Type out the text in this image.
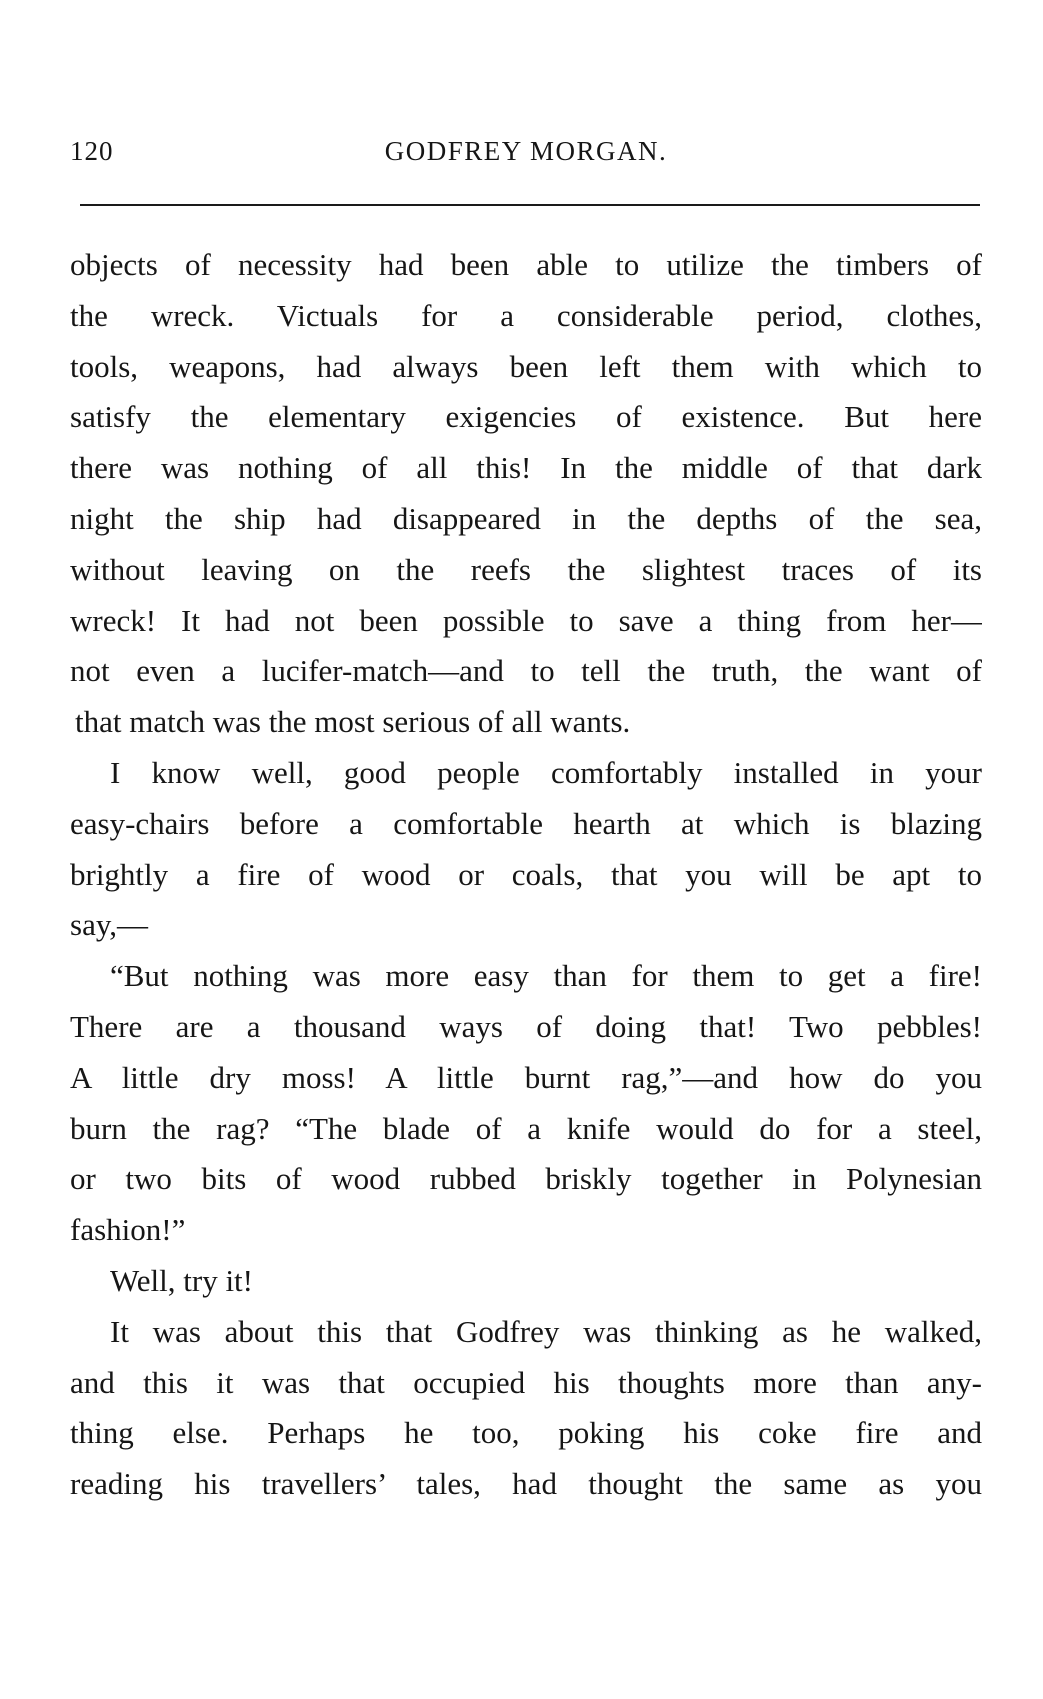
120	GODFREY MORGAN.
objects of necessity had been able to utilize the timbers of
the wreck. Victuals for a considerable period, clothes,
tools, weapons, had always been left them with which to
satisfy the elementary exigencies of existence. But here
there was nothing of all this! In the middle of that dark
night the ship had disappeared in the depths of the sea,
without leaving on the reefs the slightest traces of its
wreck! It had not been possible to save a thing from her—
not even a lucifer-match—and to tell the truth, the want of
that match was the most serious of all wants.
I know well, good people comfortably installed in your
easy-chairs before a comfortable hearth at which is blazing
brightly a fire of wood or coals, that you will be apt to
say,—
“But nothing was more easy than for them to get a fire!
There are a thousand ways of doing that! Two pebbles!
A little dry moss! A little burnt rag,”—and how do you
burn the rag? “The blade of a knife would do for a steel,
or two bits of wood rubbed briskly together in Polynesian
fashion!”
Well, try it!
It was about this that Godfrey was thinking as he walked,
and this it was that occupied his thoughts more than any-
thing else. Perhaps he too, poking his coke fire and
reading his travellers’ tales, had thought the same as you
